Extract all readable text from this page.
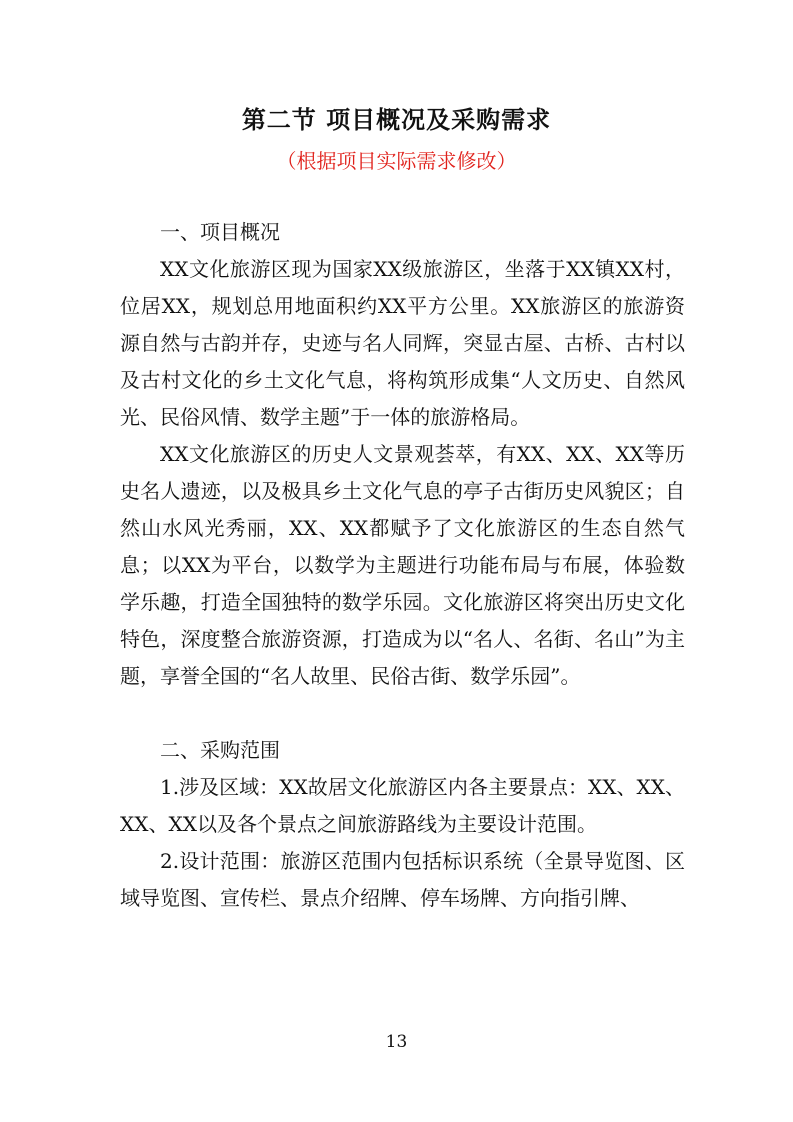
第二节 项目概况及采购需求
（根据项目实际需求修改）

一、项目概况

XX文化旅游区现为国家XX级旅游区，坐落于XX镇XX村，位居XX，规划总用地面积约XX平方公里。XX旅游区的旅游资源自然与古韵并存，史迹与名人同辉，突显古屋、古桥、古村以及古村文化的乡土文化气息，将构筑形成集“人文历史、自然风光、民俗风情、数学主题”于一体的旅游格局。

XX文化旅游区的历史人文景观荟萃，有XX、XX、XX等历史名人遗迹，以及极具乡土文化气息的亭子古街历史风貌区；自然山水风光秀丽，XX、XX都赋予了文化旅游区的生态自然气息；以XX为平台，以数学为主题进行功能布局与布展，体验数学乐趣，打造全国独特的数学乐园。文化旅游区将突出历史文化特色，深度整合旅游资源，打造成为以“名人、名街、名山”为主题，享誉全国的“名人故里、民俗古街、数学乐园”。

二、采购范围

1.涉及区域：XX故居文化旅游区内各主要景点：XX、XX、XX、XX以及各个景点之间旅游路线为主要设计范围。

2.设计范围：旅游区范围内包括标识系统（全景导览图、区域导览图、宣传栏、景点介绍牌、停车场牌、方向指引牌、

13
